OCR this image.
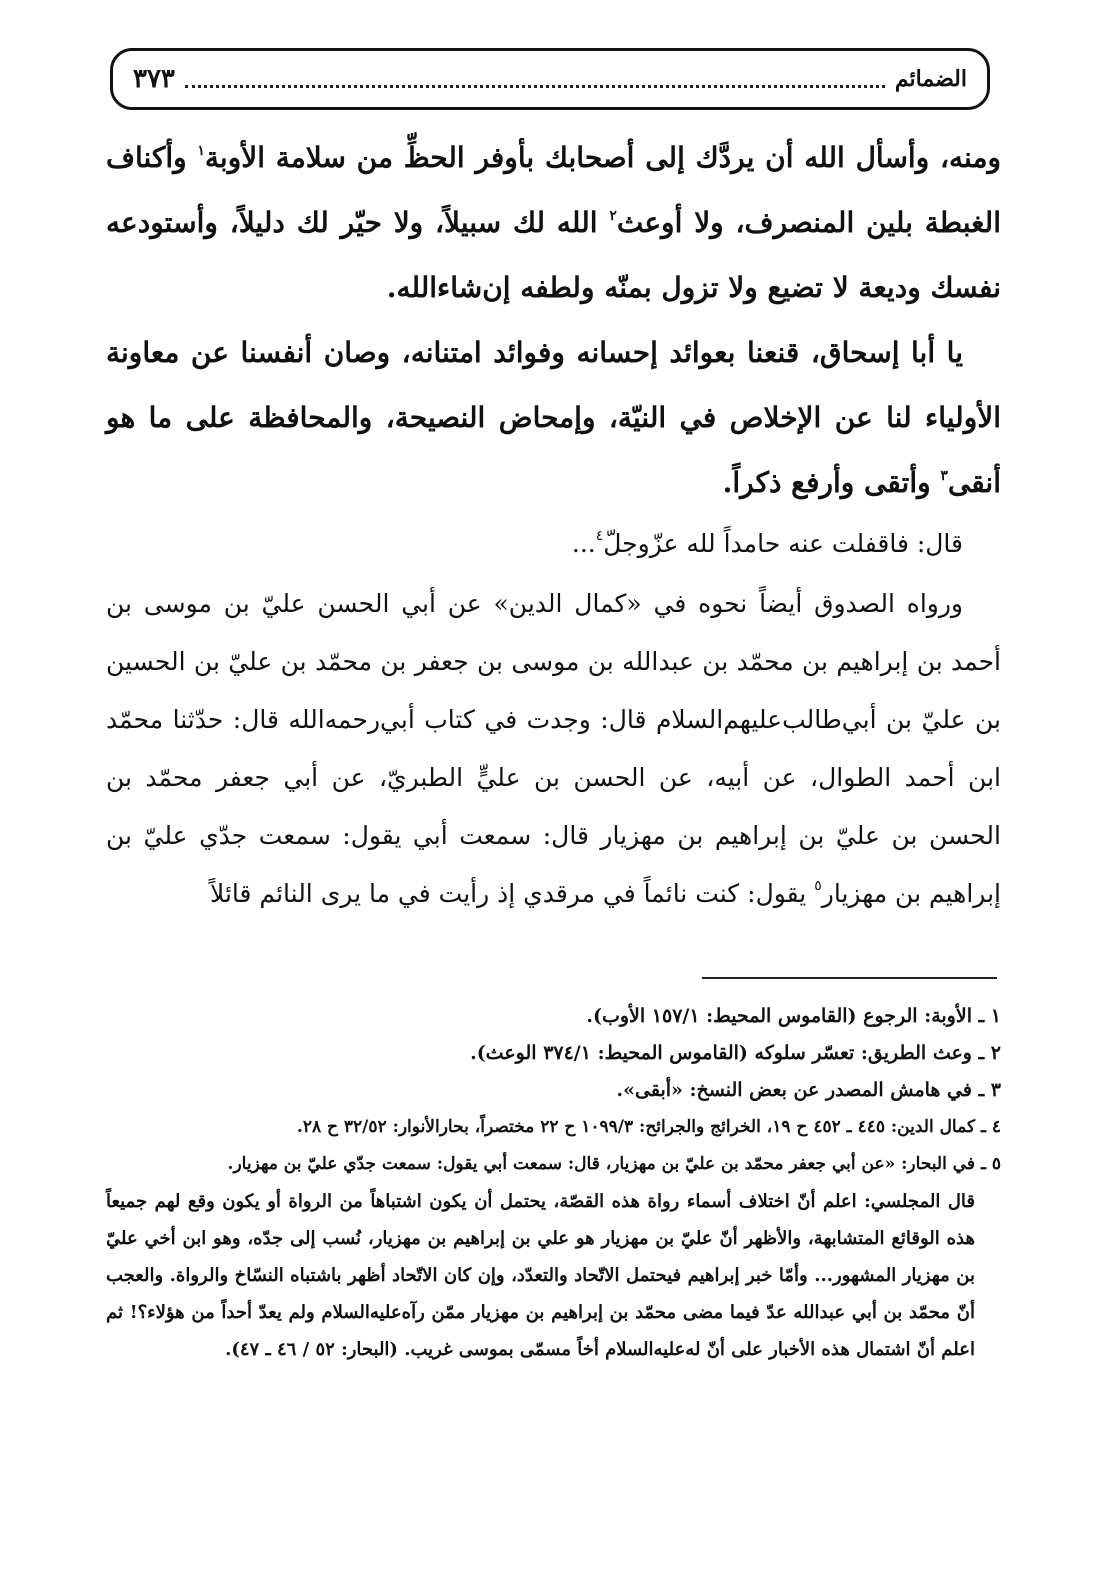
الضمائم
٣٧٣

ومنه، وأسأل الله أن يردَّك إلى أصحابك بأوفر الحظِّ من سلامة الأوبة$^١$ وأكناف الغبطة بلين المنصرف، ولا أوعث$^٢$ الله لك سبيلاً، ولا حيّر لك دليلاً، وأستودعه نفسك وديعة لا تضيع ولا تزول بمنّه ولطفه إن‌شاءالله.

يا أبا إسحاق، قنعنا بعوائد إحسانه وفوائد امتنانه، وصان أنفسنا عن معاونة الأولياء لنا عن الإخلاص في النيّة، وإمحاض النصيحة، والمحافظة على ما هو أنقى$^٣$ وأتقى وأرفع ذكراً.

قال: فاقفلت عنه حامداً لله عزّوجلّ$^٤$...

ورواه الصدوق أيضاً نحوه في «كمال الدين» عن أبي الحسن عليّ بن موسى بن أحمد بن إبراهيم بن محمّد بن عبدالله بن موسى بن جعفر بن محمّد بن عليّ بن الحسين بن عليّ بن أبي‌طالب‌عليهم‌السلام قال: وجدت في كتاب أبي‌رحمه‌الله قال: حدّثنا محمّد ابن أحمد الطوال، عن أبيه، عن الحسن بن عليٍّ الطبريّ، عن أبي جعفر محمّد بن الحسن بن عليّ بن إبراهيم بن مهزيار قال: سمعت أبي يقول: سمعت جدّي عليّ بن إبراهيم بن مهزيار$^٥$ يقول: كنت نائماً في مرقدي إذ رأيت في ما يرى النائم قائلاً

١ ـ الأوبة: الرجوع (القاموس المحيط: ١٥٧/١ الأوب).

٢ ـ وعث الطريق: تعسّر سلوكه (القاموس المحيط: ٣٧٤/١ الوعث).

٣ ـ في هامش المصدر عن بعض النسخ: «أبقى».

٤ ـ كمال الدين: ٤٤٥ ـ ٤٥٢ ح ١٩، الخرائج والجرائح: ١٠٩٩/٣ ح ٢٢ مختصراً، بحارالأنوار: ٣٢/٥٢ ح ٢٨.

٥ ـ في البحار: «عن أبي جعفر محمّد بن عليّ بن مهزيار، قال: سمعت أبي يقول: سمعت جدّي عليّ بن مهزيار.

قال المجلسي: اعلم أنّ اختلاف أسماء رواة هذه القصّة، يحتمل أن يكون اشتباهاً من الرواة أو يكون وقع لهم جميعاً هذه الوقائع المتشابهة، والأظهر أنّ عليّ بن مهزيار هو علي بن إبراهيم بن مهزيار، نُسب إلى جدّه، وهو ابن أخي عليّ بن مهزيار المشهور... وأمّا خبر إبراهيم فيحتمل الاتّحاد والتعدّد، وإن كان الاتّحاد أظهر باشتباه النسّاخ والرواة. والعجب أنّ محمّد بن أبي عبدالله عدّ فيما مضى محمّد بن إبراهيم بن مهزيار ممّن رآه‌عليه‌السلام ولم يعدّ أحداً من هؤلاء؟! ثم اعلم أنّ اشتمال هذه الأخبار على أنّ له‌عليه‌السلام أخاً مسمّى بموسى غريب. (البحار: ٥٢ / ٤٦ ـ ٤٧).
